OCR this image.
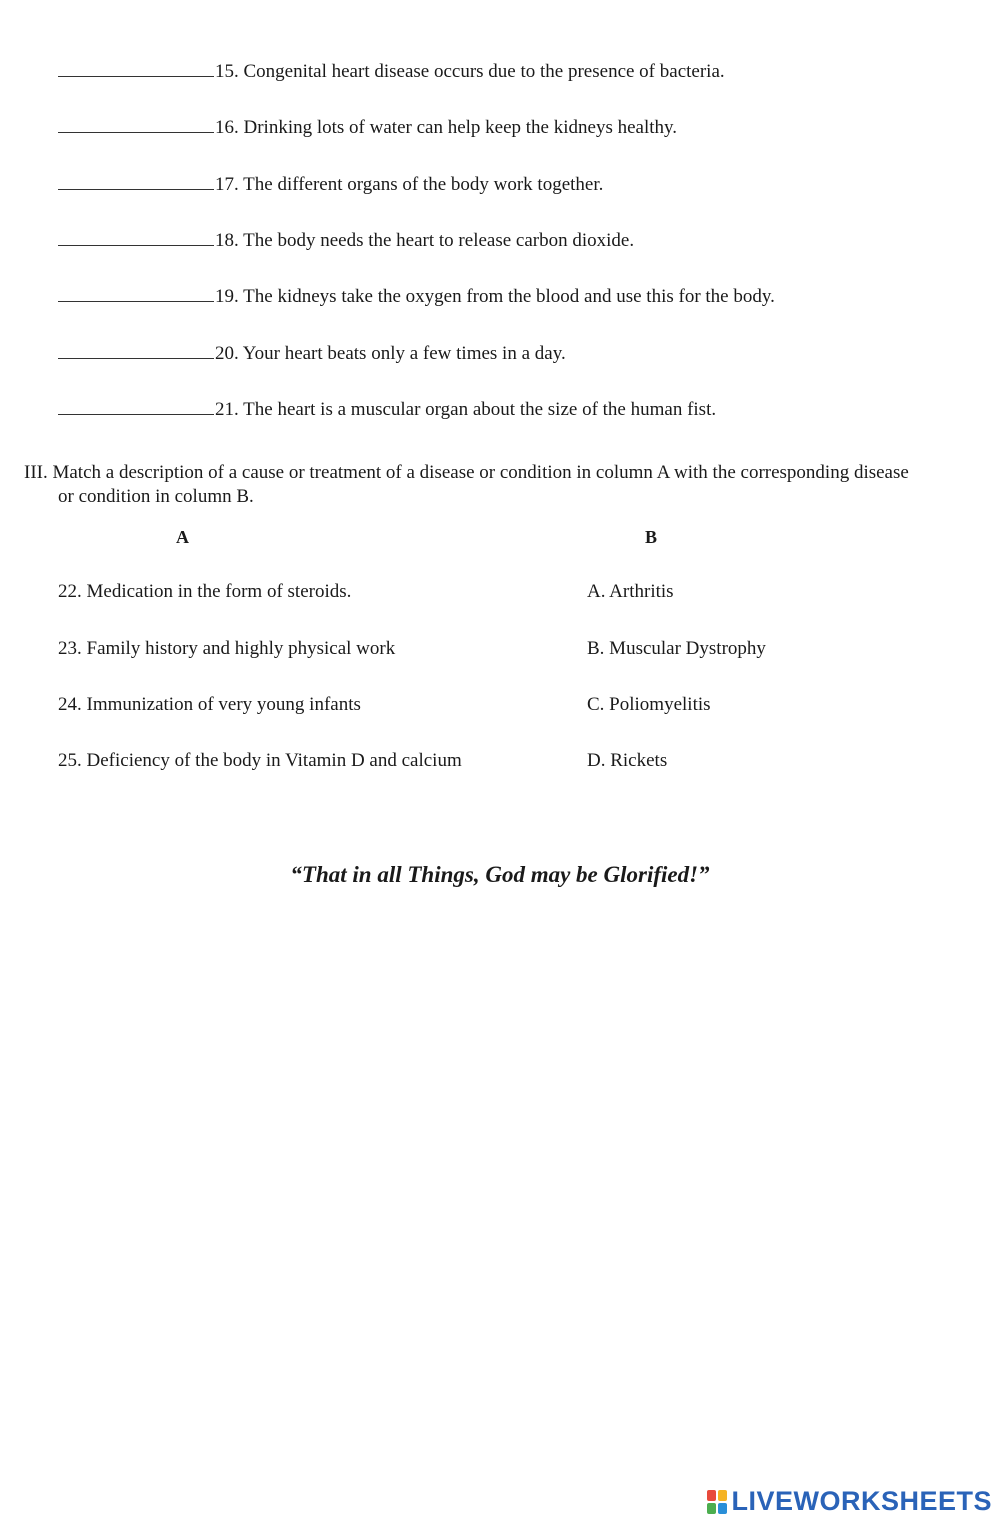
15. Congenital heart disease occurs due to the presence of bacteria.
16. Drinking lots of water can help keep the kidneys healthy.
17. The different organs of the body work together.
18. The body needs the heart to release carbon dioxide.
19. The kidneys take the oxygen from the blood and use this for the body.
20. Your heart beats only a few times in a day.
21. The heart is a muscular organ about the size of the human fist.
III. Match a description of a cause or treatment of a disease or condition in column A with the corresponding disease
or condition in column B.
A	B
22. Medication in the form of steroids.
23. Family history and highly physical work
24. Immunization of very young infants
25. Deficiency of the body in Vitamin D and calcium
A. Arthritis
B. Muscular Dystrophy
C. Poliomyelitis
D. Rickets
“That in all Things, God may be Glorified!”
LIVEWORKSHEETS
